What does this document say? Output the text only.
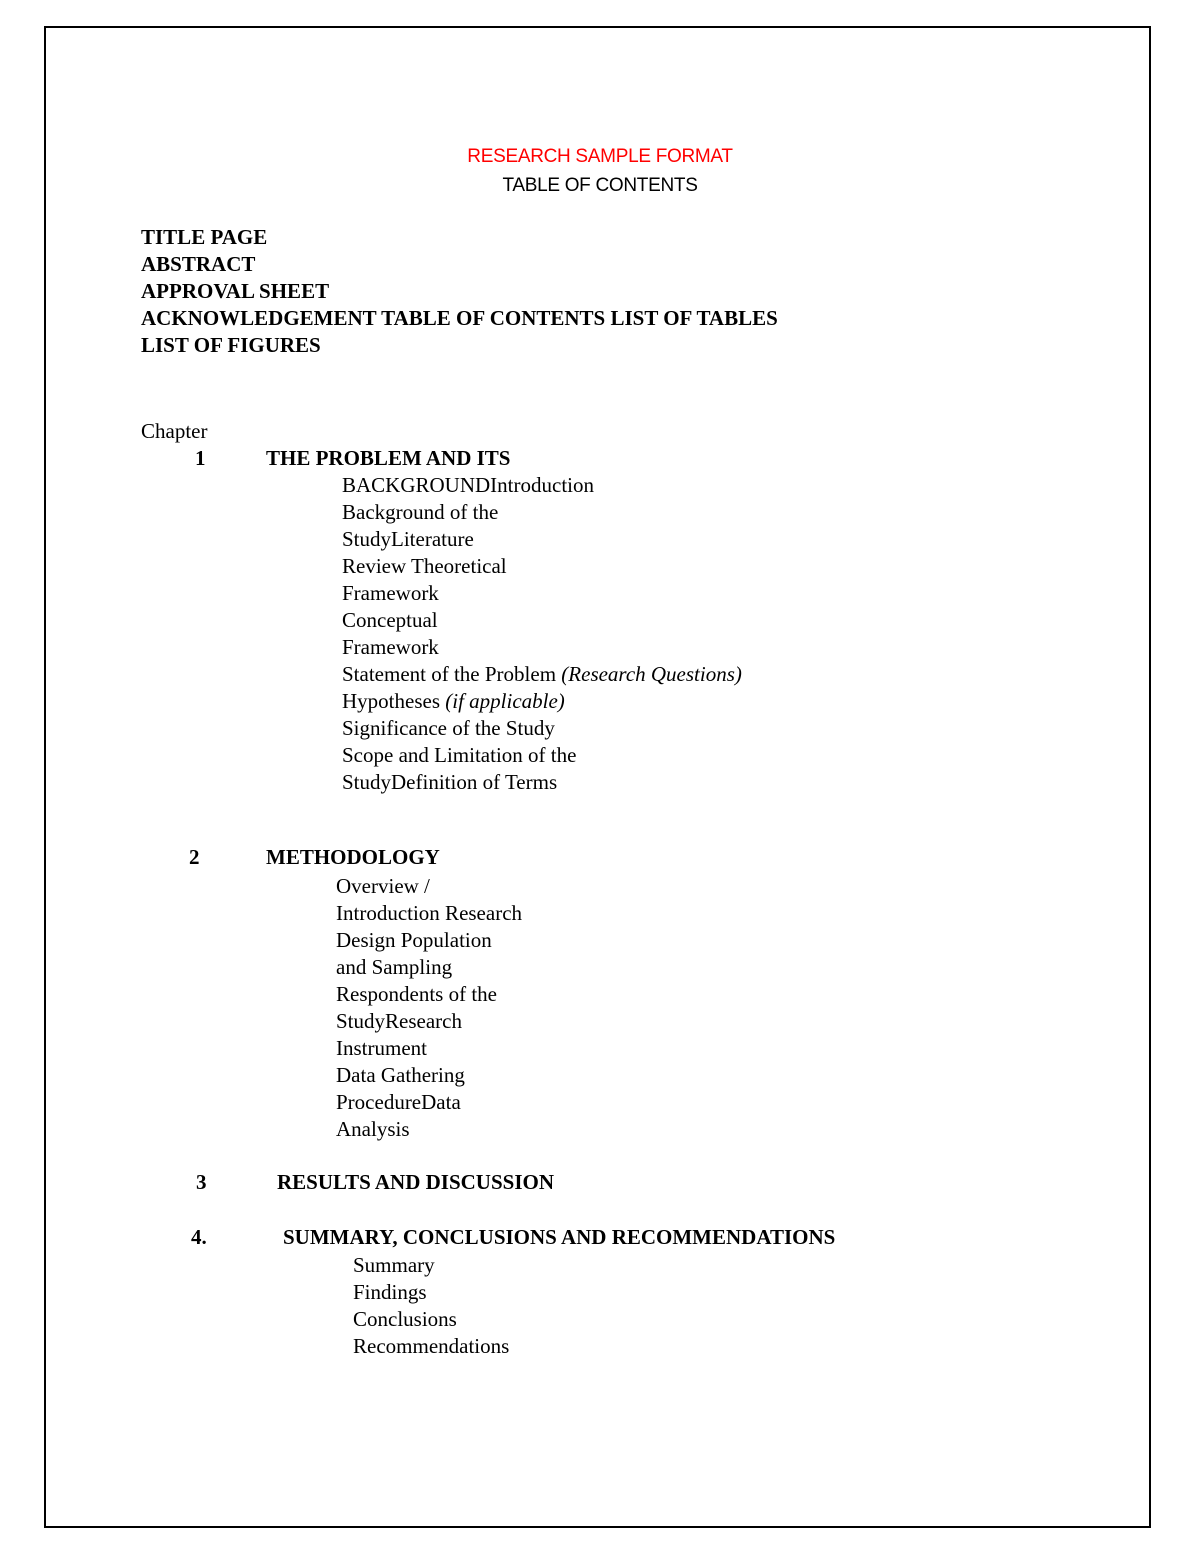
RESEARCH SAMPLE FORMAT
TABLE OF CONTENTS
TITLE PAGE
ABSTRACT
APPROVAL SHEET
ACKNOWLEDGEMENT TABLE OF CONTENTS LIST OF TABLES
LIST OF FIGURES
Chapter
1	THE PROBLEM AND ITS
BACKGROUNDIntroduction
Background of the
StudyLiterature
Review Theoretical
Framework
Conceptual
Framework
Statement of the Problem (Research Questions)
Hypotheses (if applicable)
Significance of the Study
Scope and Limitation of the
StudyDefinition of Terms
2	METHODOLOGY
Overview /
Introduction Research
Design Population
and Sampling
Respondents of the
StudyResearch
Instrument
Data Gathering
ProcedureData
Analysis
3	RESULTS AND DISCUSSION
4.	SUMMARY, CONCLUSIONS AND RECOMMENDATIONS
Summary
Findings
Conclusions
Recommendations
